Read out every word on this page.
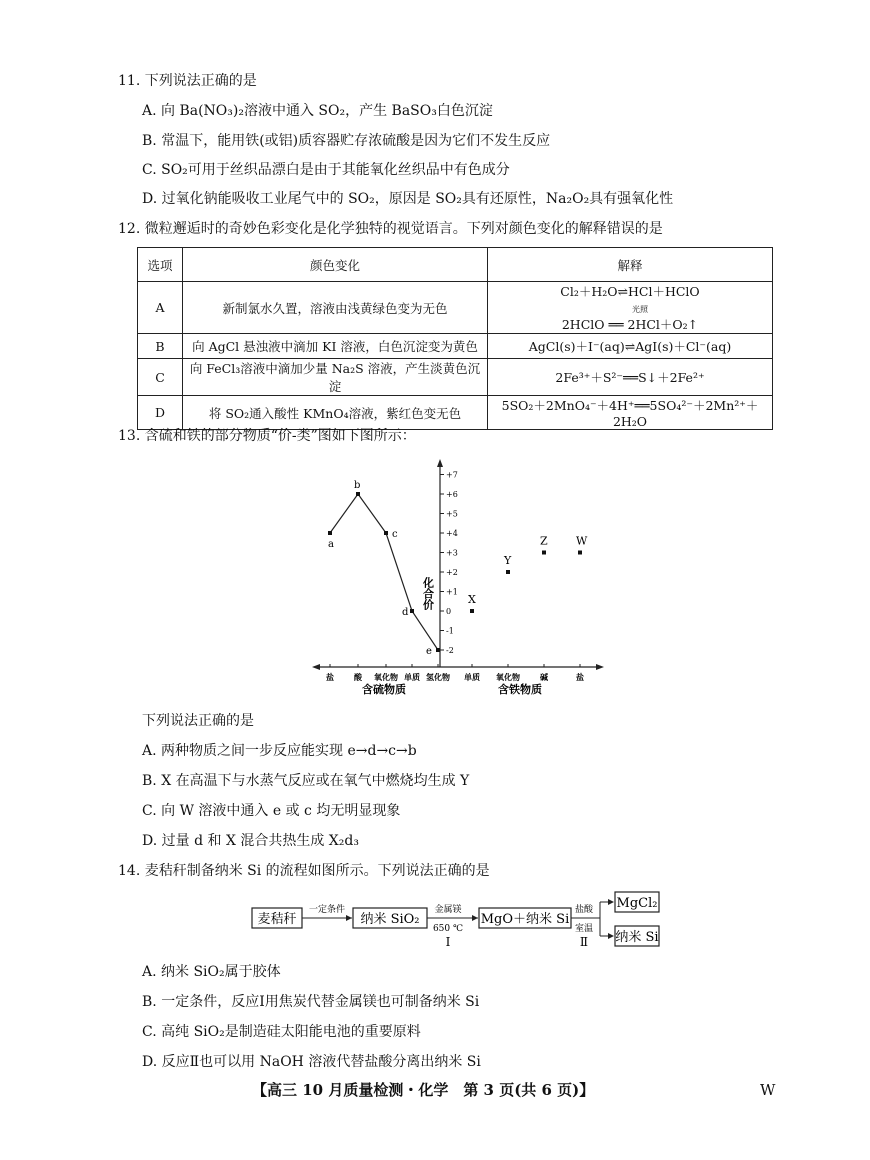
11. 下列说法正确的是
A. 向 Ba(NO₃)₂溶液中通入 SO₂，产生 BaSO₃白色沉淀
B. 常温下，能用铁(或铝)质容器贮存浓硫酸是因为它们不发生反应
C. SO₂可用于丝织品漂白是由于其能氧化丝织品中有色成分
D. 过氧化钠能吸收工业尾气中的 SO₂，原因是 SO₂具有还原性，Na₂O₂具有强氧化性
12. 微粒邂逅时的奇妙色彩变化是化学独特的视觉语言。下列对颜色变化的解释错误的是
选项	颜色变化	解释
A	新制氯水久置，溶液由浅黄绿色变为无色	Cl₂＋H₂O⇌HCl＋HClO
光照
2HClO ══ 2HCl＋O₂↑

B	向 AgCl 悬浊液中滴加 KI 溶液，白色沉淀变为黄色	AgCl(s)＋I⁻(aq)⇌AgI(s)＋Cl⁻(aq)
C	向 FeCl₃溶液中滴加少量 Na₂S 溶液，产生淡黄色沉淀	2Fe³⁺＋S²⁻══S↓＋2Fe²⁺
D	将 SO₂通入酸性 KMnO₄溶液，紫红色变无色	5SO₂＋2MnO₄⁻＋4H⁺══5SO₄²⁻＋2Mn²⁺＋2H₂O
13. 含硫和铁的部分物质“价-类”图如下图所示：
+7
+6
+5
+4
+3
+2
+1
0
-1
-2
a
b
c
d
e
X
Y
Z	W
盐	酸 氧化物 单质 氢化物 单质 氧化物	碱	盐
化合价
含硫物质	含铁物质
下列说法正确的是
A. 两种物质之间一步反应能实现 e→d→c→b
B. X 在高温下与水蒸气反应或在氧气中燃烧均生成 Y
C. 向 W 溶液中通入 e 或 c 均无明显现象
D. 过量 d 和 X 混合共热生成 X₂d₃
14. 麦秸秆制备纳米 Si 的流程如图所示。下列说法正确的是
麦秸秆
一定条件
纳米 SiO₂
金属镁
650 ℃
Ⅰ
MgO＋纳米 Si
盐酸
室温
Ⅱ
MgCl₂
纳米 Si
A. 纳米 SiO₂属于胶体
B. 一定条件，反应Ⅰ用焦炭代替金属镁也可制备纳米 Si
C. 高纯 SiO₂是制造硅太阳能电池的重要原料
D. 反应Ⅱ也可以用 NaOH 溶液代替盐酸分离出纳米 Si
【高三 10 月质量检测・化学　第 3 页(共 6 页)】	W
